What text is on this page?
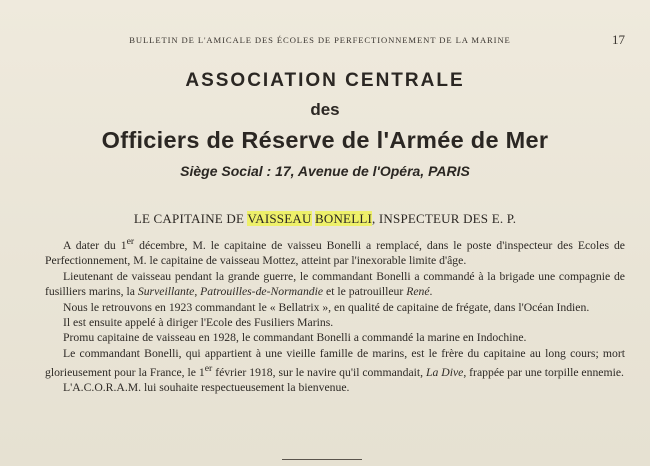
BULLETIN DE L'AMICALE DES ÉCOLES DE PERFECTIONNEMENT DE LA MARINE	17
ASSOCIATION CENTRALE
des
Officiers de Réserve de l'Armée de Mer
Siège Social : 17, Avenue de l'Opéra, PARIS
LE CAPITAINE DE VAISSEAU BONELLI, INSPECTEUR DES E. P.

A dater du 1er décembre, M. le capitaine de vaisseu Bonelli a remplacé, dans le poste d'inspecteur des Ecoles de Perfectionnement, M. le capitaine de vaisseau Mottez, atteint par l'inexorable limite d'âge.

Lieutenant de vaisseau pendant la grande guerre, le commandant Bonelli a commandé à la brigade une compagnie de fusilliers marins, la Surveillante, Patrouilles-de-Normandie et le patrouilleur René.

Nous le retrouvons en 1923 commandant le « Bellatrix », en qualité de capitaine de frégate, dans l'Océan Indien.

Il est ensuite appelé à diriger l'Ecole des Fusiliers Marins.

Promu capitaine de vaisseau en 1928, le commandant Bonelli a commandé la marine en Indochine.

Le commandant Bonelli, qui appartient à une vieille famille de marins, est le frère du capitaine au long cours; mort glorieusement pour la France, le 1er février 1918, sur le navire qu'il commandait, La Dive, frappée par une torpille ennemie.

L'A.C.O.R.A.M. lui souhaite respectueusement la bienvenue.
